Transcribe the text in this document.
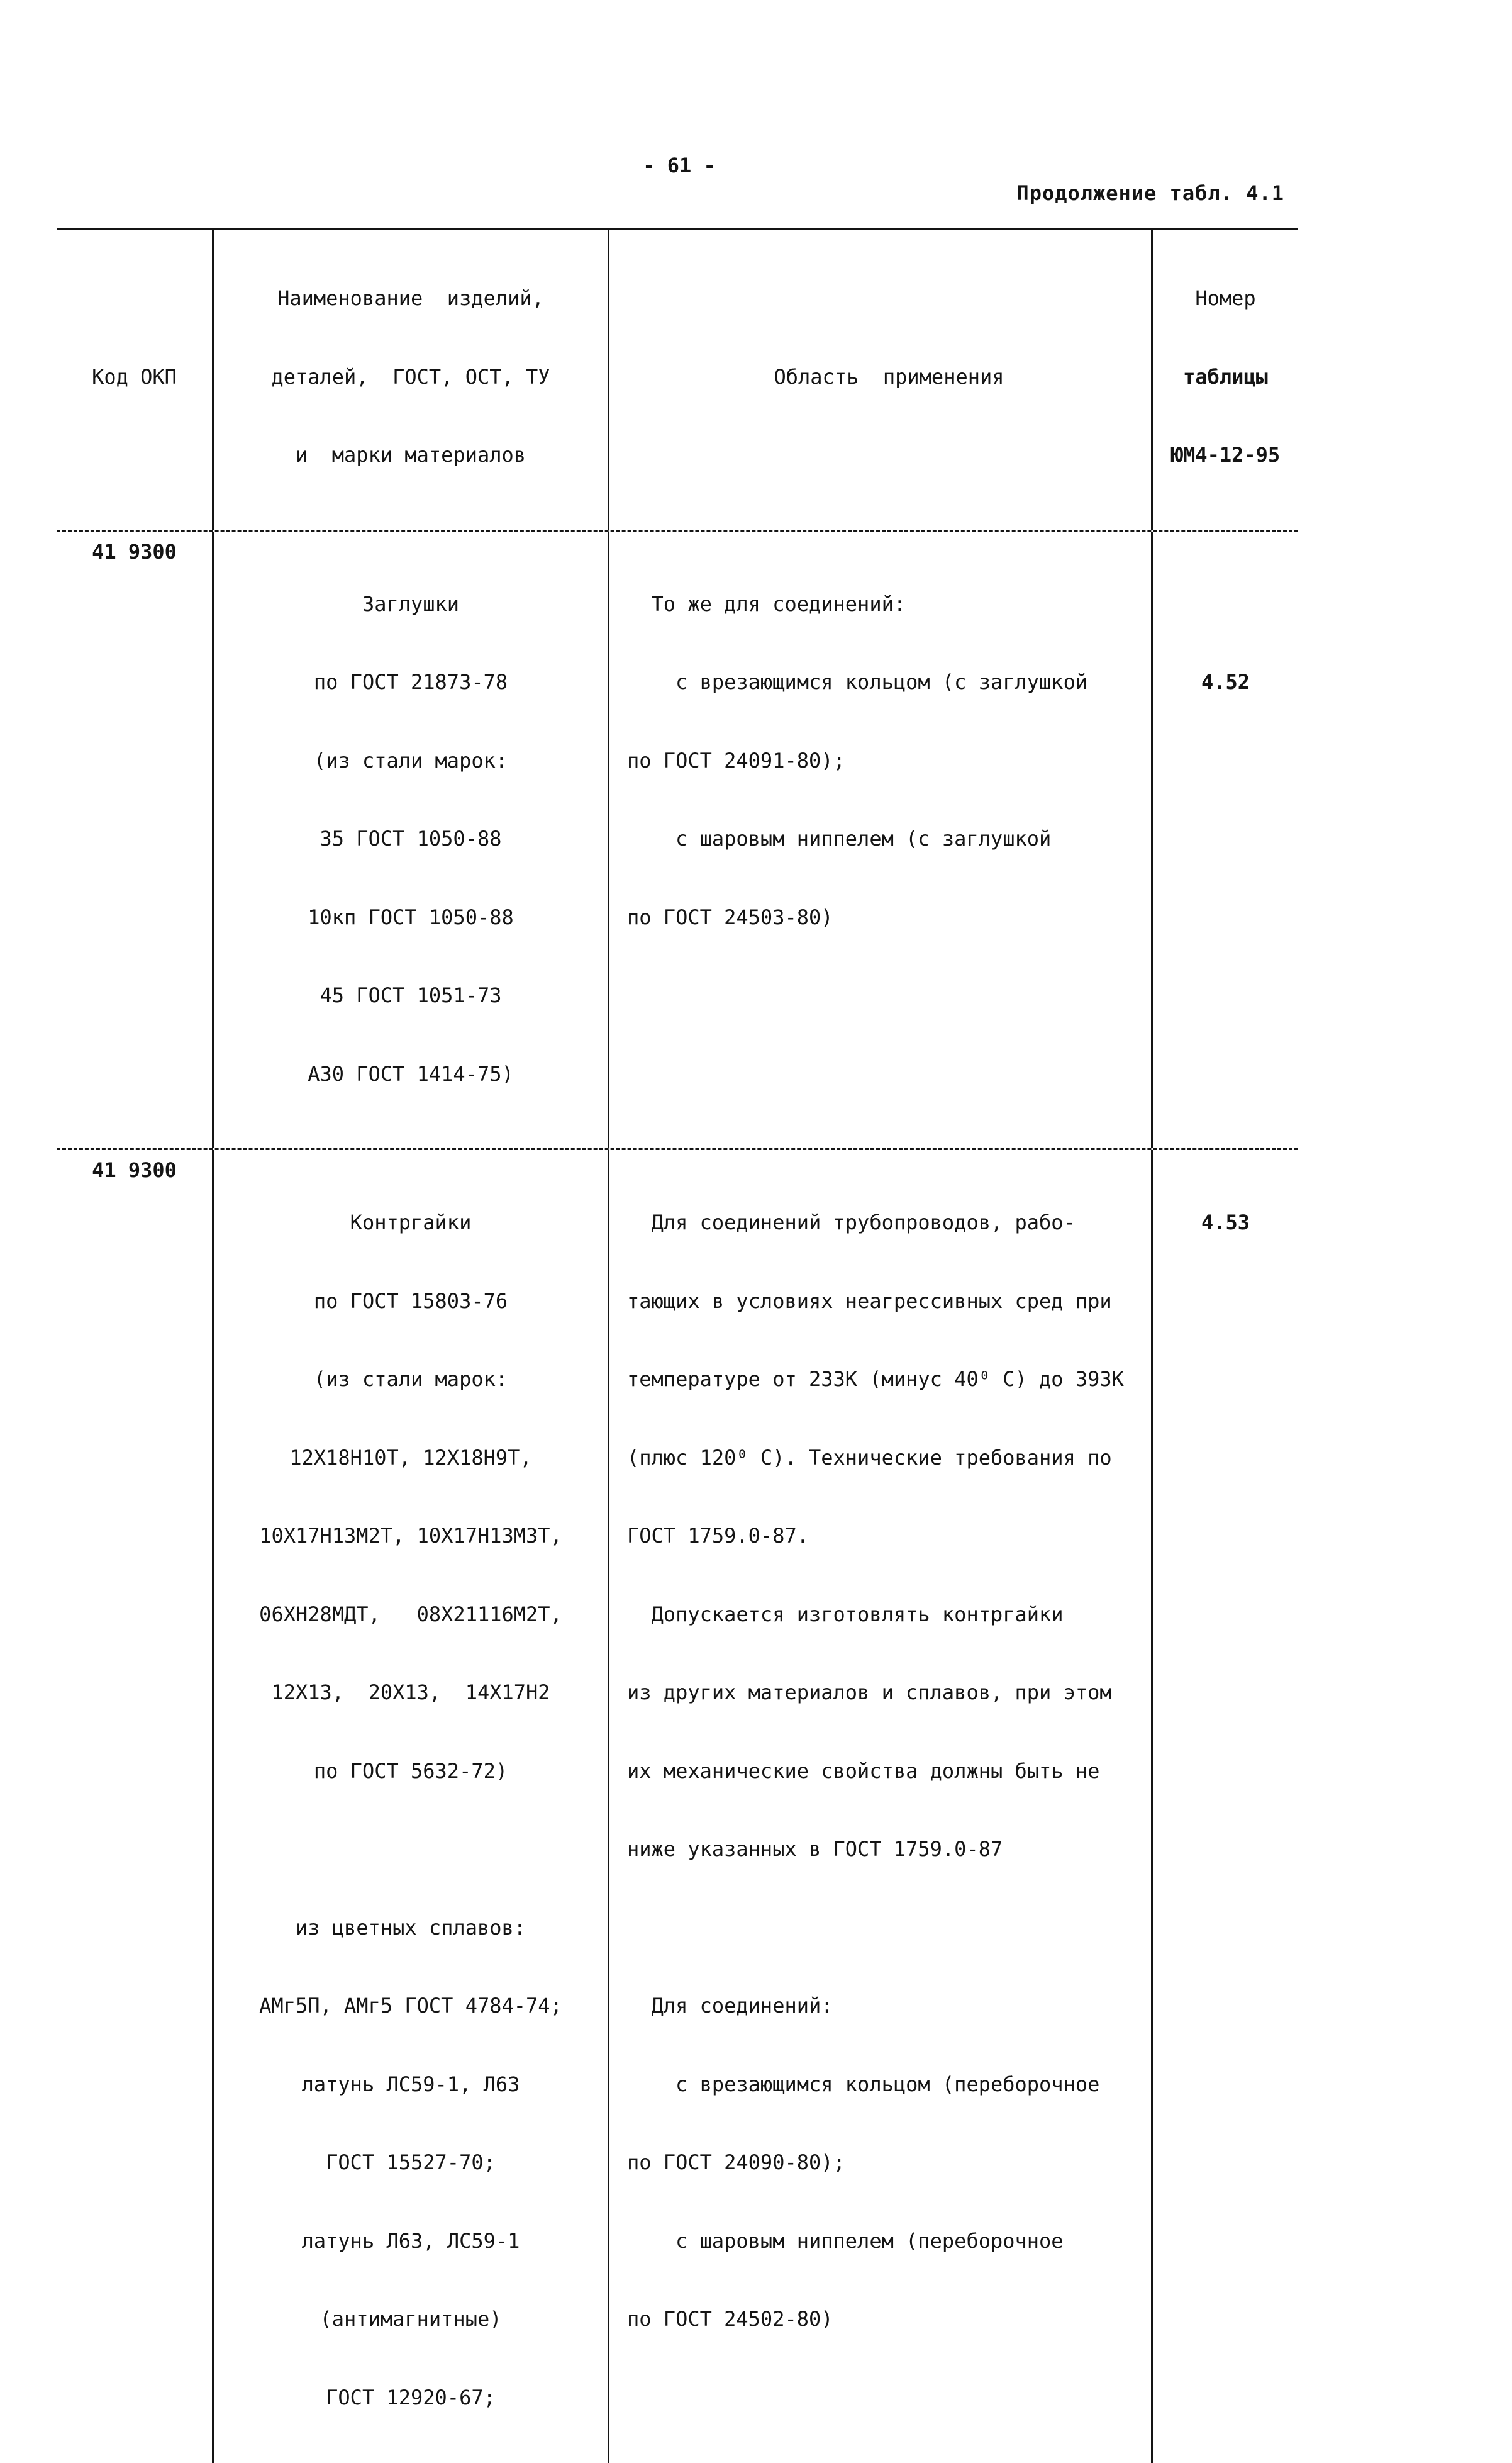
- 61 -
Продолжение табл. 4.1
Код ОКП

Наименование  изделий,

деталей,  ГОСТ, ОСТ, ТУ

и  марки материалов

Область  применения

Номер

таблицы

ЮМ4-12-95

41 9300

Заглушки

по ГОСТ 21873-78

(из стали марок:

35 ГОСТ 1050-88

10кп ГОСТ 1050-88

45 ГОСТ 1051-73

А30 ГОСТ 1414-75)

То же для соединений:

с врезающимся кольцом (с заглушкой

по ГОСТ 24091-80);

с шаровым ниппелем (с заглушкой

по ГОСТ 24503-80)

4.52

41 9300

Контргайки

по ГОСТ 15803-76

(из стали марок:

12Х18Н10Т, 12Х18Н9Т,

10Х17Н13М2Т, 10Х17Н13М3Т,

06ХН28МДТ,   08Х21116М2Т,

12Х13,  20Х13,  14Х17Н2

по ГОСТ 5632-72)

из цветных сплавов:

АМг5П, АМг5 ГОСТ 4784-74;

латунь ЛС59-1, Л63

ГОСТ 15527-70;

латунь Л63, ЛС59-1

(антимагнитные)

ГОСТ 12920-67;

Для соединений трубопроводов, рабо-

тающих в условиях неагрессивных сред при

температуре от 233К (минус 40⁰ С) до 393К

(плюс 120⁰ С). Технические требования по

ГОСТ 1759.0-87.

Допускается изготовлять контргайки

из других материалов и сплавов, при этом

их механические свойства должны быть не

ниже указанных в ГОСТ 1759.0-87

Для соединений:

с врезающимся кольцом (переборочное

по ГОСТ 24090-80);

с шаровым ниппелем (переборочное

по ГОСТ 24502-80)

4.53
